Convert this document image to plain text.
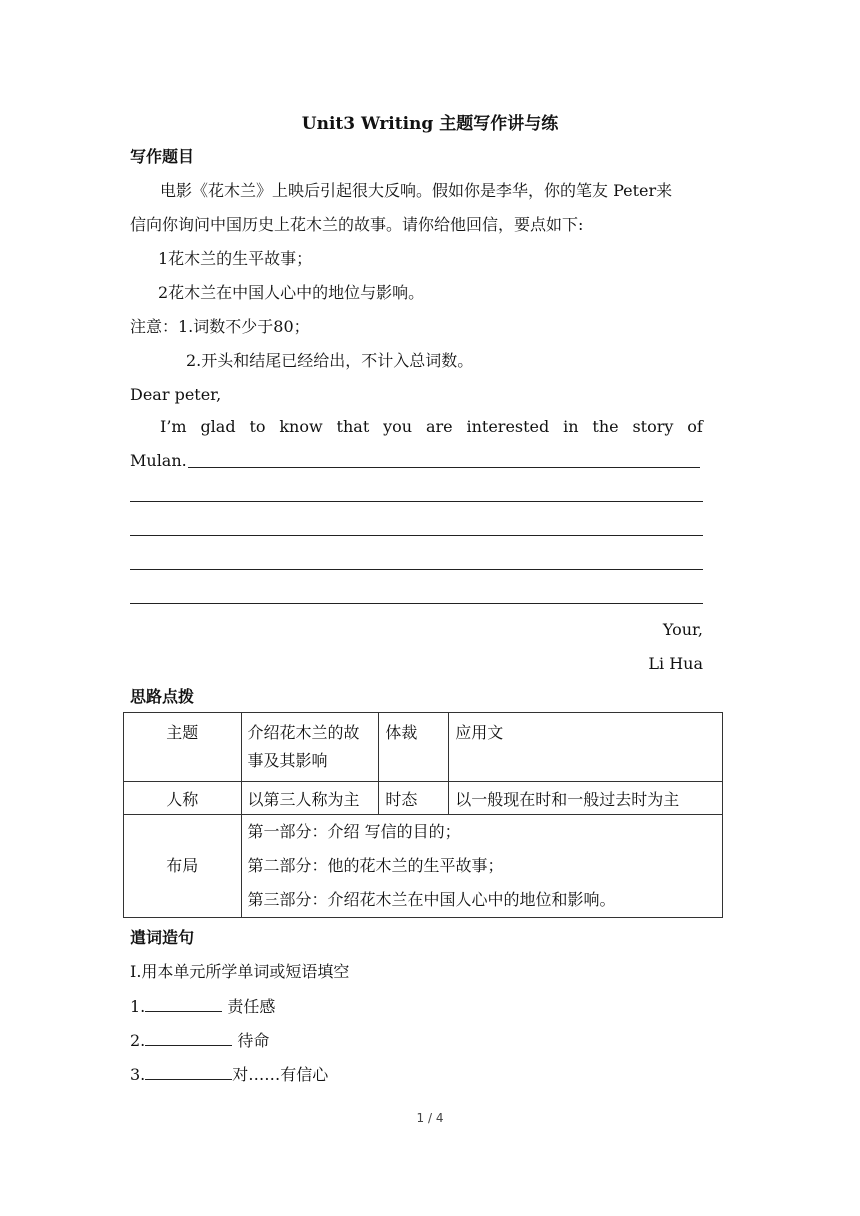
Unit3 Writing 主题写作讲与练
写作题目
电影《花木兰》上映后引起很大反响。假如你是李华，你的笔友 Peter来
信向你询问中国历史上花木兰的故事。请你给他回信，要点如下:
1花木兰的生平故事；
2花木兰在中国人心中的地位与影响。
注意：1.词数不少于80；
2.开头和结尾已经给出，不计入总词数。
Dear peter,
I’m glad to know that you are interested in the story of
Mulan.
Your,
Li Hua
思路点拨
主题	介绍花木兰的故事及其影响	体裁	应用文
人称	以第三人称为主	时态	以一般现在时和一般过去时为主
布局	第一部分：介绍 写信的目的；
第二部分：他的花木兰的生平故事；
第三部分：介绍花木兰在中国人心中的地位和影响。		
遣词造句
I.用本单元所学单词或短语填空
1.	责任感
2.	待命
3.	对……有信心
1 / 4
